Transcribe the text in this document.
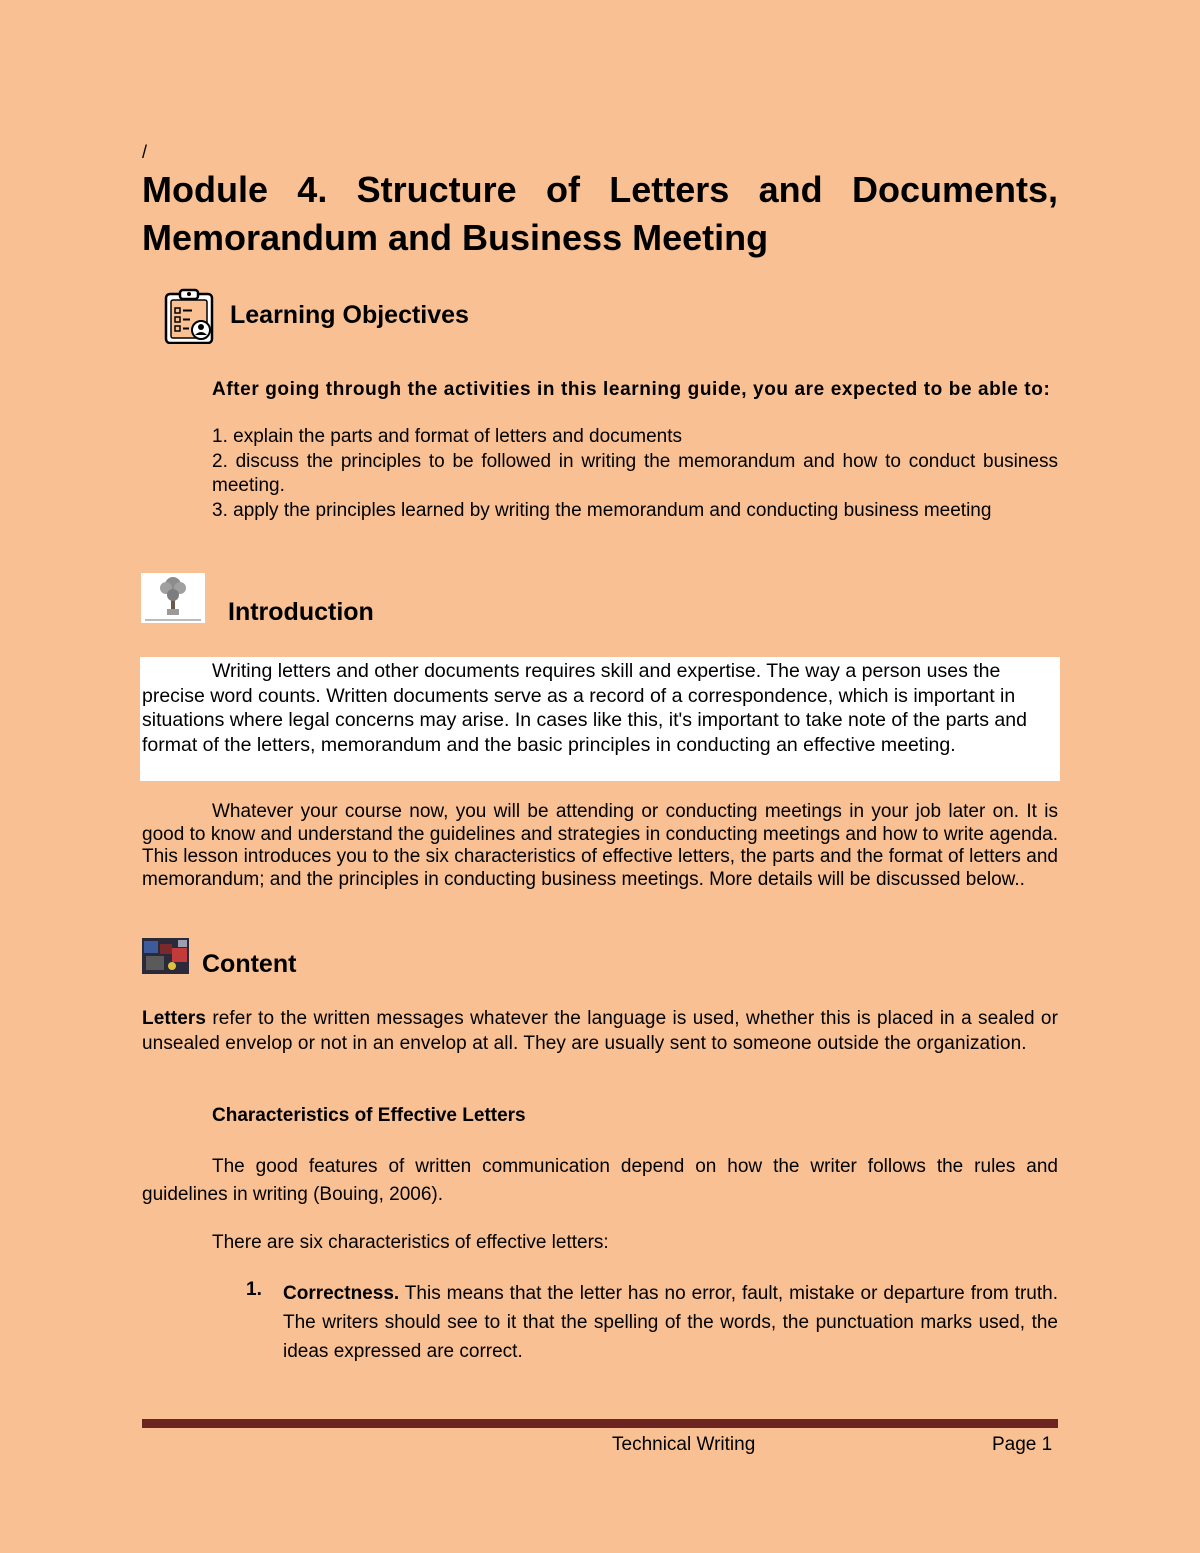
/
Module 4. Structure of Letters and Documents,
Memorandum and Business Meeting
Learning Objectives
After going through the activities in this learning guide, you are expected to be able to:
1. explain the parts and format of letters and documents
2. discuss the principles to be followed in writing the memorandum and how to conduct business meeting.
3. apply the principles learned by writing the memorandum and conducting business meeting
Introduction
Writing letters and other documents requires skill and expertise. The way a person uses the precise word counts. Written documents serve as a record of a correspondence, which is important in situations where legal concerns may arise. In cases like this, it's important to take note of the parts and format of the letters, memorandum and the basic principles in conducting an effective meeting.
Whatever your course now, you will be attending or conducting meetings in your job later on. It is good to know and understand the guidelines and strategies in conducting meetings and how to write agenda. This lesson introduces you to the six characteristics of effective letters, the parts and the format of letters and memorandum; and the principles in conducting business meetings. More details will be discussed below..
Content
Letters refer to the written messages whatever the language is used, whether this is placed in a sealed or unsealed envelop or not in an envelop at all. They are usually sent to someone outside the organization.
Characteristics of Effective Letters
The good features of written communication depend on how the writer follows the rules and guidelines in writing (Bouing, 2006).
There are six characteristics of effective letters:
1. Correctness. This means that the letter has no error, fault, mistake or departure from truth. The writers should see to it that the spelling of the words, the punctuation marks used, the ideas expressed are correct.
Technical Writing	Page 1
